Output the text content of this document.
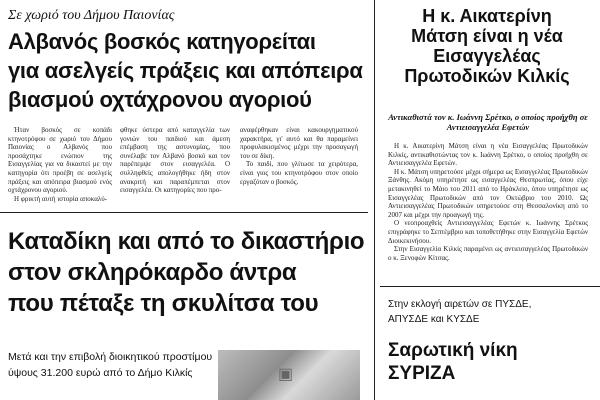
Σε χωριό του Δήμου Παιονίας
Αλβανός βοσκός κατηγορείται
για ασελγείς πράξεις και απόπειρα
βιασμού οχτάχρονου αγοριού

Ήταν βοσκός σε κοπάδι κτηνοτρόφου σε χωριό του Δήμου Παιονίας ο Αλβανός που προσάχτηκε ενώπιον της Εισαγγελίας για να δικαστεί με την κατηγορία ότι προέβη σε ασελγείς πράξεις και απόπειρα βιασμού ενός οχτάχρονου αγοριού.

Η φρικτή αυτή ιστορία αποκαλύ-

φθηκε ύστερα από καταγγελία των γονιών του παιδιού και άμεση επέμβαση της αστυνομίας, που συνέλαβε τον Αλβανό βοσκό και τον παρέπεμψε στον εισαγγελέα. Ο συλληφθείς απολογήθηκε ήδη στον ανακριτή και παραπέμπεται στον εισαγγελέα. Οι κατηγορίες που προ-

αναφέρθηκαν είναι κακουργηματικού χαρακτήρα, γι' αυτό και θα παραμείνει προφυλακισμένος μέχρι την προσαγωγή του σε δίκη.

Το παιδί, που γλίτωσε τα χειρότερα, είναι γιος του κτηνοτρόφου στον οποίο εργαζόταν ο βοσκός.

Καταδίκη και από το δικαστήριο
στον σκληρόκαρδο άντρα
που πέταξε τη σκυλίτσα του
Μετά και την επιβολή διοικητικού προστίμου
ύψους 31.200 ευρώ από το Δήμο Κιλκίς	▣
Η κ. Αικατερίνη
Μάτση είναι η νέα
Εισαγγελέας
Πρωτοδικών Κιλκίς
Αντικαθιστά τον κ. Ιωάννη Σρέτκο, ο οποίος προήχθη σε Αντιεισαγγελέα Εφετών

Η κ. Αικατερίνη Μάτση είναι η νέα Εισαγγελέας Πρωτοδικών Κιλκίς, αντικαθιστώντας τον κ. Ιωάννη Σρέτκο, ο οποίος προήχθη σε Αντιεισαγγελέα Εφετών.

Η κ. Μάτση υπηρετούσε μέχρι σήμερα ως Εισαγγελέας Πρωτοδικών Ξάνθης. Ακόμη υπηρέτησε ως εισαγγελέας Θεσπρωτίας, όπου είχε μετακινηθεί το Μάιο του 2011 από το Ηράκλειο, όπου υπηρέτησε ως Εισαγγελέας Πρωτοδικών από τον Οκτώβριο του 2010. Ως Αντιεισαγγελέας Πρωτοδικών υπηρετούσε στη Θεσσαλονίκη από το 2007 και μέχρι την προαγωγή της.

Ο νεοπροαχθείς Αντιεισαγγελέας Εφετών κ. Ιωάννης Σρέτκος επιγράφηκε το Σεπτέμβριο και τοποθετήθηκε στην Εισαγγελία Εφετών Διοικεκινήσου.

Στην Εισαγγελία Κιλκίς παραμένει ως αντιεισαγγελέας Πρωτοδικών ο κ. Ξενοφών Κίτσας.

Στην εκλογή αιρετών σε ΠΥΣΔΕ,
ΑΠΥΣΔΕ και ΚΥΣΔΕ
Σαρωτική νίκη
ΣΥΡΙΖΑ
